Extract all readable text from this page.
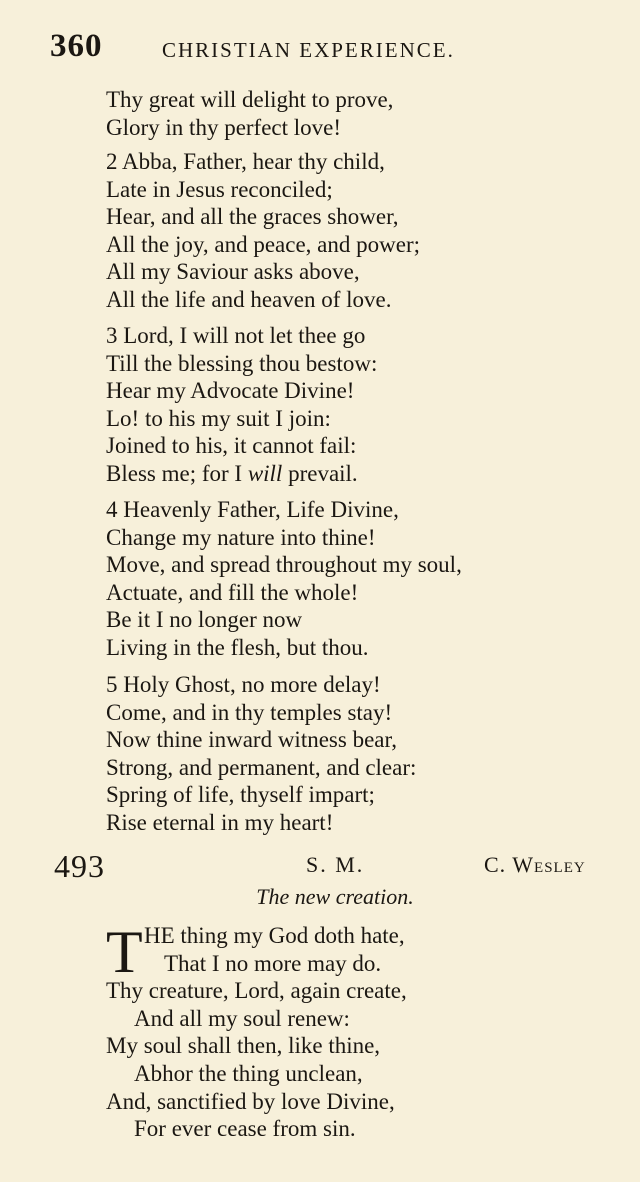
360	CHRISTIAN EXPERIENCE.
Thy great will delight to prove,
Glory in thy perfect love!
2 Abba, Father, hear thy child,
Late in Jesus reconciled;
Hear, and all the graces shower,
All the joy, and peace, and power;
All my Saviour asks above,
All the life and heaven of love.
3 Lord, I will not let thee go
Till the blessing thou bestow:
Hear my Advocate Divine!
Lo! to his my suit I join:
Joined to his, it cannot fail:
Bless me; for I will prevail.
4 Heavenly Father, Life Divine,
Change my nature into thine!
Move, and spread throughout my soul,
Actuate, and fill the whole!
Be it I no longer now
Living in the flesh, but thou.
5 Holy Ghost, no more delay!
Come, and in thy temples stay!
Now thine inward witness bear,
Strong, and permanent, and clear:
Spring of life, thyself impart;
Rise eternal in my heart!
493	S. M.	C. Wesley
The new creation.
T HE thing my God doth hate,
That I no more may do.
Thy creature, Lord, again create,
And all my soul renew:
My soul shall then, like thine,
Abhor the thing unclean,
And, sanctified by love Divine,
For ever cease from sin.
